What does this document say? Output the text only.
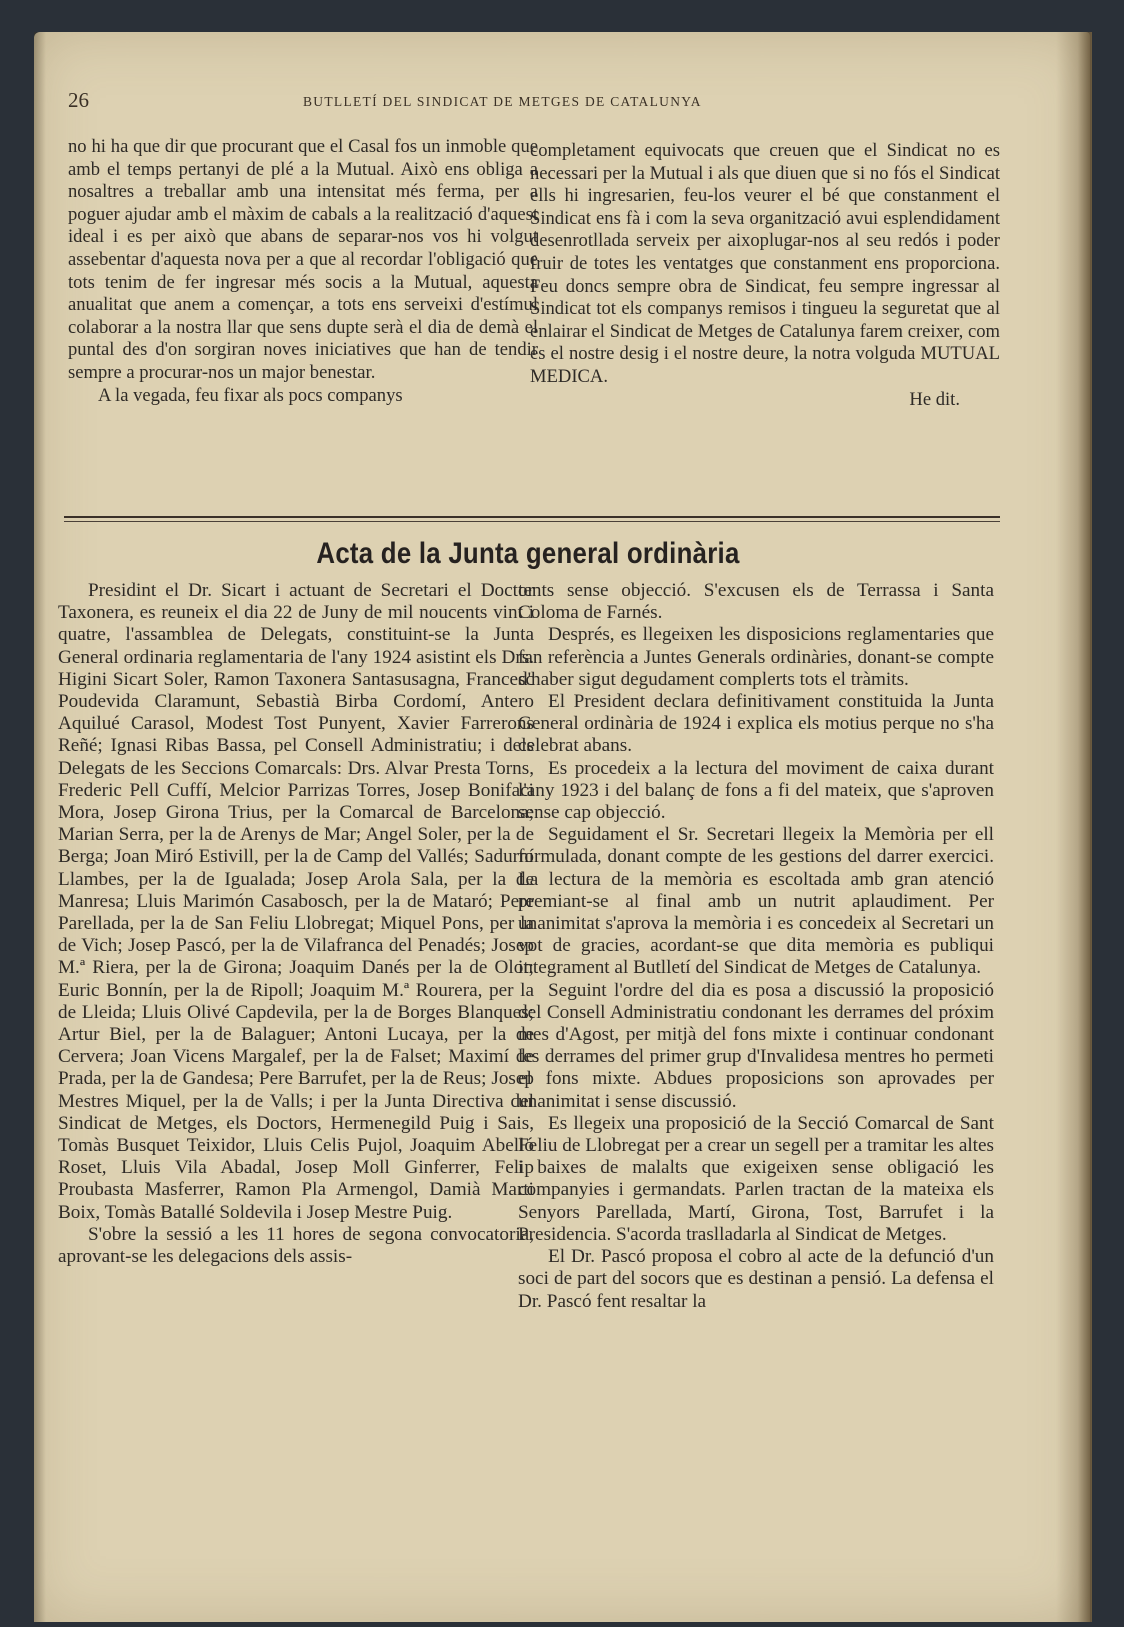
26	BUTLLETÍ DEL SINDICAT DE METGES DE CATALUNYA

no hi ha que dir que procurant que el Casal fos un inmoble que amb el temps pertanyi de plé a la Mutual. Això ens obliga a nosaltres a treballar amb una intensitat més ferma, per a poguer ajudar amb el màxim de cabals a la realització d'aquest ideal i es per això que abans de separar-nos vos hi volgut assebentar d'aquesta nova per a que al recordar l'obligació que tots tenim de fer ingresar més socis a la Mutual, aquesta anualitat que anem a començar, a tots ens serveixi d'estímul colaborar a la nostra llar que sens dupte serà el dia de demà el puntal des d'on sorgiran noves iniciatives que han de tendir sempre a procurar-nos un major benestar.

A la vegada, feu fixar als pocs companys

completament equivocats que creuen que el Sindicat no es necessari per la Mutual i als que diuen que si no fós el Sindicat ells hi ingresarien, feu-los veurer el bé que constanment el Sindicat ens fà i com la seva organització avui esplendidament desenrotllada serveix per aixoplugar-nos al seu redós i poder fruir de totes les ventatges que constanment ens proporciona. Feu doncs sempre obra de Sindicat, feu sempre ingressar al Sindicat tot els companys remisos i tingueu la seguretat que al enlairar el Sindicat de Metges de Catalunya farem creixer, com es el nostre desig i el nostre deure, la notra volguda MUTUAL MEDICA.

He dit.

Acta de la Junta general ordinària

Presidint el Dr. Sicart i actuant de Secretari el Doctor Taxonera, es reuneix el dia 22 de Juny de mil noucents vint i quatre, l'assamblea de Delegats, constituint-se la Junta General ordinaria reglamentaria de l'any 1924 asistint els Drs. Higini Sicart Soler, Ramon Taxonera Santasusagna, Francesc Poudevida Claramunt, Sebastià Birba Cordomí, Antero Aquilué Carasol, Modest Tost Punyent, Xavier Farrerons Reñé; Ignasi Ribas Bassa, pel Consell Administratiu; i dels Delegats de les Seccions Comarcals: Drs. Alvar Presta Torns, Frederic Pell Cuffí, Melcior Parrizas Torres, Josep Bonifaci Mora, Josep Girona Trius, per la Comarcal de Barcelona; Marian Serra, per la de Arenys de Mar; Angel Soler, per la de Berga; Joan Miró Estivill, per la de Camp del Vallés; Sadurní Llambes, per la de Igualada; Josep Arola Sala, per la de Manresa; Lluis Marimón Casabosch, per la de Mataró; Pere Parellada, per la de San Feliu Llobregat; Miquel Pons, per la de Vich; Josep Pascó, per la de Vilafranca del Penadés; Josep M.ª Riera, per la de Girona; Joaquim Danés per la de Olot; Euric Bonnín, per la de Ripoll; Joaquim M.ª Rourera, per la de Lleida; Lluis Olivé Capdevila, per la de Borges Blanques; Artur Biel, per la de Balaguer; Antoni Lucaya, per la de Cervera; Joan Vicens Margalef, per la de Falset; Maximí de Prada, per la de Gandesa; Pere Barrufet, per la de Reus; Josep Mestres Miquel, per la de Valls; i per la Junta Directiva del Sindicat de Metges, els Doctors, Hermenegild Puig i Sais, Tomàs Busquet Teixidor, Lluis Celis Pujol, Joaquim Abelló Roset, Lluis Vila Abadal, Josep Moll Ginferrer, Felip Proubasta Masferrer, Ramon Pla Armengol, Damià Marti Boix, Tomàs Batallé Soldevila i Josep Mestre Puig.

S'obre la sessió a les 11 hores de segona convocatoria, aprovant-se les delegacions dels assis-

tents sense objecció. S'excusen els de Terrassa i Santa Coloma de Farnés.

Després, es llegeixen les disposicions reglamentaries que fan referència a Juntes Generals ordinàries, donant-se compte d'haber sigut degudament complerts tots el tràmits.

El President declara definitivament constituida la Junta General ordinària de 1924 i explica els motius perque no s'ha celebrat abans.

Es procedeix a la lectura del moviment de caixa durant l'any 1923 i del balanç de fons a fi del mateix, que s'aproven sense cap objecció.

Seguidament el Sr. Secretari llegeix la Memòria per ell formulada, donant compte de les gestions del darrer exercici. La lectura de la memòria es escoltada amb gran atenció premiant-se al final amb un nutrit aplaudiment. Per unanimitat s'aprova la memòria i es concedeix al Secretari un vot de gracies, acordant-se que dita memòria es publiqui integrament al Butlletí del Sindicat de Metges de Catalunya.

Seguint l'ordre del dia es posa a discussió la proposició del Consell Administratiu condonant les derrames del próxim mes d'Agost, per mitjà del fons mixte i continuar condonant les derrames del primer grup d'Invalidesa mentres ho permeti el fons mixte. Abdues proposicions son aprovades per unanimitat i sense discussió.

Es llegeix una proposició de la Secció Comarcal de Sant Feliu de Llobregat per a crear un segell per a tramitar les altes i baixes de malalts que exigeixen sense obligació les companyies i germandats. Parlen tractan de la mateixa els Senyors Parellada, Martí, Girona, Tost, Barrufet i la Presidencia. S'acorda traslladarla al Sindicat de Metges.

El Dr. Pascó proposa el cobro al acte de la defunció d'un soci de part del socors que es destinan a pensió. La defensa el Dr. Pascó fent resaltar la
